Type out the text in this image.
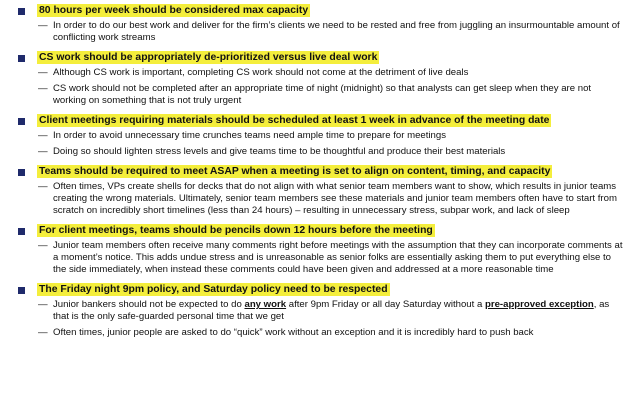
80 hours per week should be considered max capacity
— In order to do our best work and deliver for the firm’s clients we need to be rested and free from juggling an insurmountable amount of conflicting work streams
CS work should be appropriately de-prioritized versus live deal work
— Although CS work is important, completing CS work should not come at the detriment of live deals
— CS work should not be completed after an appropriate time of night (midnight) so that analysts can get sleep when they are not working on something that is not truly urgent
Client meetings requiring materials should be scheduled at least 1 week in advance of the meeting date
— In order to avoid unnecessary time crunches teams need ample time to prepare for meetings
— Doing so should lighten stress levels and give teams time to be thoughtful and produce their best materials
Teams should be required to meet ASAP when a meeting is set to align on content, timing, and capacity
— Often times, VPs create shells for decks that do not align with what senior team members want to show, which results in junior teams creating the wrong materials. Ultimately, senior team members see these materials and junior team members often have to start from scratch on incredibly short timelines (less than 24 hours) – resulting in unnecessary stress, subpar work, and lack of sleep
For client meetings, teams should be pencils down 12 hours before the meeting
— Junior team members often receive many comments right before meetings with the assumption that they can incorporate comments at a moment’s notice. This adds undue stress and is unreasonable as senior folks are essentially asking them to put everything else to the side immediately, when instead these comments could have been given and addressed at a more reasonable time
The Friday night 9pm policy, and Saturday policy need to be respected
— Junior bankers should not be expected to do any work after 9pm Friday or all day Saturday without a pre-approved exception, as that is the only safe-guarded personal time that we get
— Often times, junior people are asked to do “quick” work without an exception and it is incredibly hard to push back
